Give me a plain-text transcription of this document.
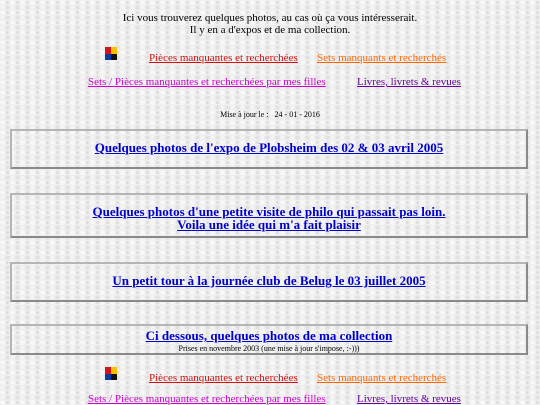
Ici vous trouverez quelques photos, au cas où ça vous intéresserait.
Il y en a d'expos et de ma collection.
Pièces manquantes et recherchées Sets manquants et recherchés
Sets / Pièces manquantes et recherchées par mes filles	Livres, livrets & revues
Mise à jour le : 24 - 01 - 2016
Quelques photos de l'expo de Plobsheim des 02 & 03 avril 2005
Quelques photos d'une petite visite de philo qui passait pas loin.
Voila une idée qui m'a fait plaisir
Un petit tour à la journée club de Belug le 03 juillet 2005
Ci dessous, quelques photos de ma collection
Prises en novembre 2003 (une mise à jour s'impose, :-)))
Pièces manquantes et recherchées Sets manquants et recherchés
Sets / Pièces manquantes et recherchées par mes filles	Livres, livrets & revues
